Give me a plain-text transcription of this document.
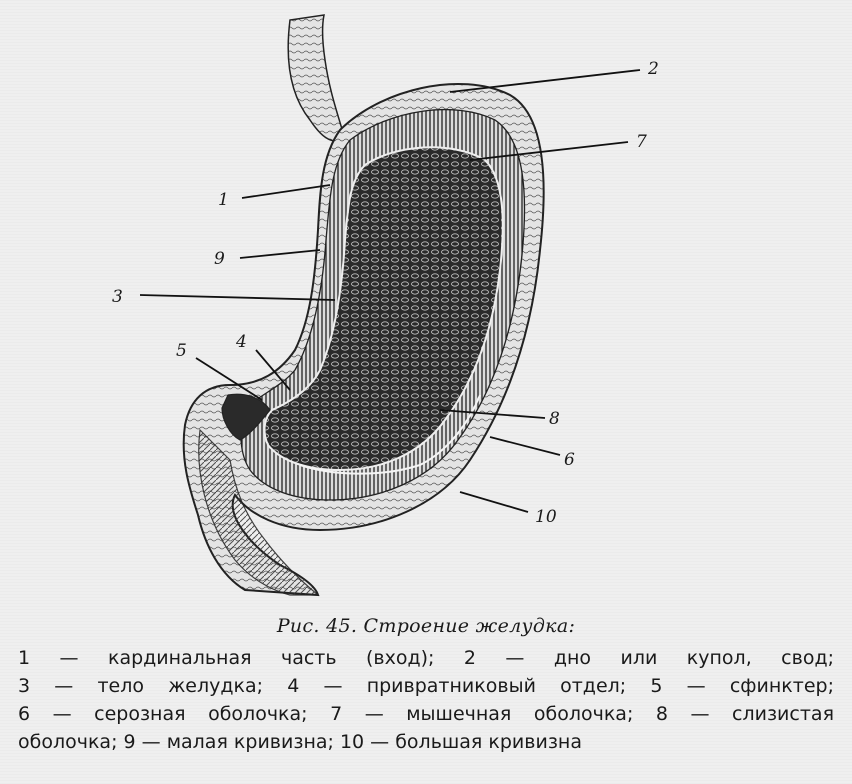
2
7
1
9
3
5	4
8
6
10
Рис. 45. Строение желудка:
1 — кардинальная часть (вход); 2 — дно или купол, свод;
3 — тело желудка; 4 — привратниковый отдел; 5 — сфинктер;
6 — серозная оболочка; 7 — мышечная оболочка; 8 — слизистая
оболочка; 9 — малая кривизна; 10 — большая кривизна
